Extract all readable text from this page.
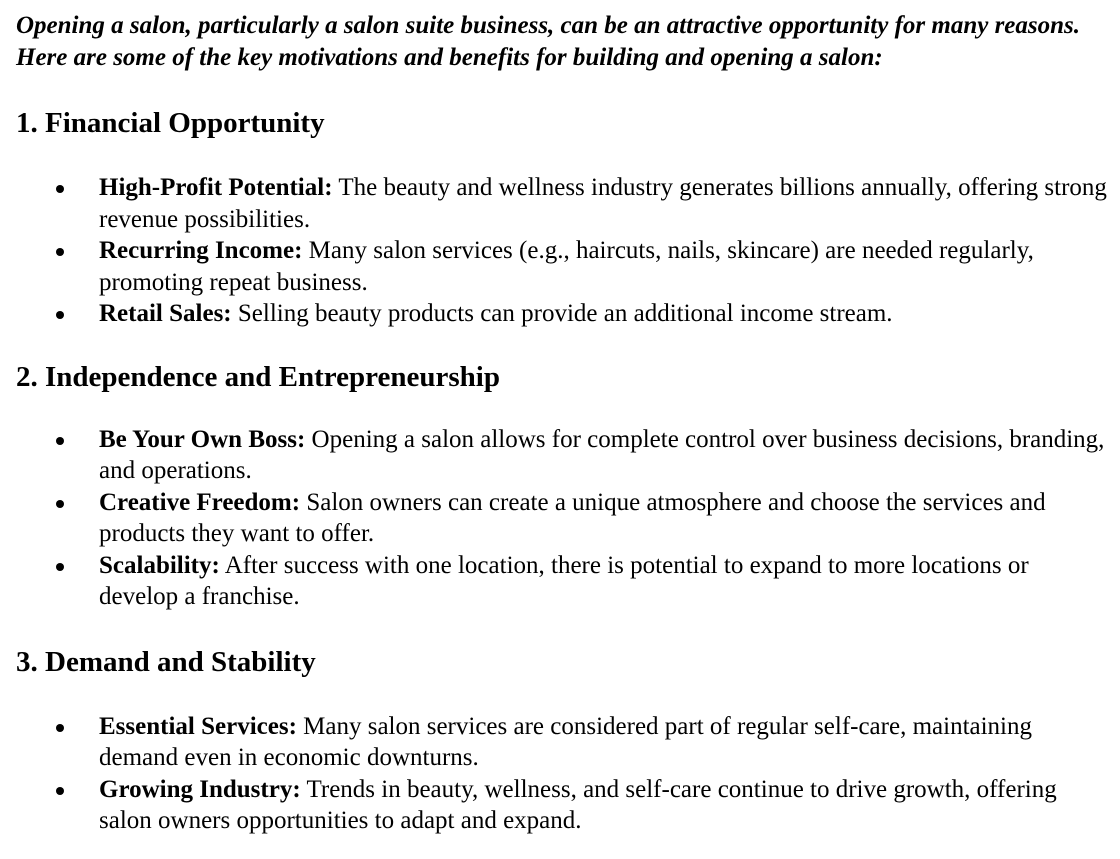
Opening a salon, particularly a salon suite business, can be an attractive opportunity for many reasons. Here are some of the key motivations and benefits for building and opening a salon:

1. Financial Opportunity
High-Profit Potential: The beauty and wellness industry generates billions annually, offering strong revenue possibilities.
Recurring Income: Many salon services (e.g., haircuts, nails, skincare) are needed regularly, promoting repeat business.
Retail Sales: Selling beauty products can provide an additional income stream.
2. Independence and Entrepreneurship
Be Your Own Boss: Opening a salon allows for complete control over business decisions, branding, and operations.
Creative Freedom: Salon owners can create a unique atmosphere and choose the services and products they want to offer.
Scalability: After success with one location, there is potential to expand to more locations or develop a franchise.
3. Demand and Stability
Essential Services: Many salon services are considered part of regular self-care, maintaining demand even in economic downturns.
Growing Industry: Trends in beauty, wellness, and self-care continue to drive growth, offering salon owners opportunities to adapt and expand.
